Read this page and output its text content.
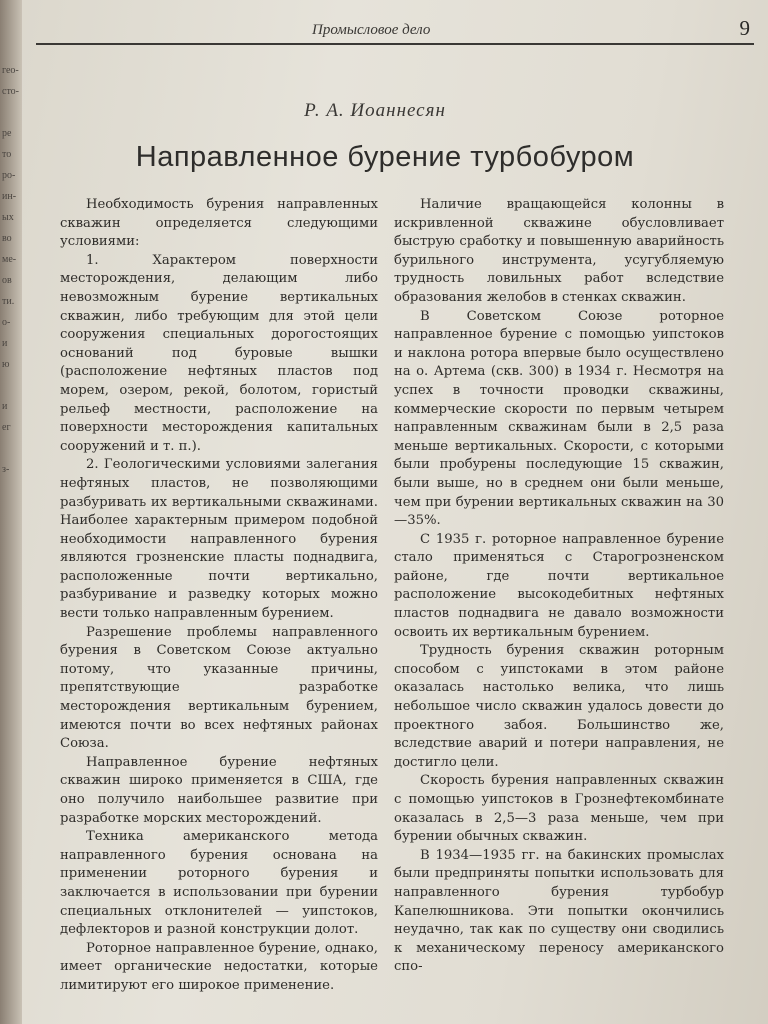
гео-
сто-
ре
то
ро-
ин-
ых
во
ме-
ов
ти.
о-
и
ю
и
ег
з-
Промысловое дело	9
Р. А. Иоаннесян
Направленное бурение турбобуром

Необходимость бурения направленных скважин определяется следующими условиями:

1. Характером поверхности месторождения, делающим либо невозможным бурение вертикальных скважин, либо требующим для этой цели сооружения специальных дорогостоящих оснований под буровые вышки (расположение нефтяных пластов под морем, озером, рекой, болотом, гористый рельеф местности, расположение на поверхности месторождения капитальных сооружений и т. п.).

2. Геологическими условиями залегания нефтяных пластов, не позволяющими разбуривать их вертикальными скважинами. Наиболее характерным примером подобной необходимости направленного бурения являются грозненские пласты поднадвига, расположенные почти вертикально, разбуривание и разведку которых можно вести только направленным бурением.

Разрешение проблемы направленного бурения в Советском Союзе актуально потому, что указанные причины, препятствующие разработке месторождения вертикальным бурением, имеются почти во всех нефтяных районах Союза.

Направленное бурение нефтяных скважин широко применяется в США, где оно получило наибольшее развитие при разработке морских месторождений.

Техника американского метода направленного бурения основана на применении роторного бурения и заключается в использовании при бурении специальных отклонителей — уипстоков, дефлекторов и разной конструкции долот.

Роторное направленное бурение, однако, имеет органические недостатки, которые лимитируют его широкое применение.

Наличие вращающейся колонны в искривленной скважине обусловливает быструю сработку и повышенную аварийность бурильного инструмента, усугубляемую трудность ловильных работ вследствие образования желобов в стенках скважин.

В Советском Союзе роторное направленное бурение с помощью уипстоков и наклона ротора впервые было осуществлено на о. Артема (скв. 300) в 1934 г. Несмотря на успех в точности проводки скважины, коммерческие скорости по первым четырем направленным скважинам были в 2,5 раза меньше вертикальных. Скорости, с которыми были пробурены последующие 15 скважин, были выше, но в среднем они были меньше, чем при бурении вертикальных скважин на 30—35%.

С 1935 г. роторное направленное бурение стало применяться с Старогрозненском районе, где почти вертикальное расположение высокодебитных нефтяных пластов поднадвига не давало возможности освоить их вертикальным бурением.

Трудность бурения скважин роторным способом с уипстоками в этом районе оказалась настолько велика, что лишь небольшое число скважин удалось довести до проектного забоя. Большинство же, вследствие аварий и потери направления, не достигло цели.

Скорость бурения направленных скважин с помощью уипстоков в Грознефтекомбинате оказалась в 2,5—3 раза меньше, чем при бурении обычных скважин.

В 1934—1935 гг. на бакинских промыслах были предприняты попытки использовать для направленного бурения турбобур Капелюшникова. Эти попытки окончились неудачно, так как по существу они сводились к механическому переносу американского спо-
